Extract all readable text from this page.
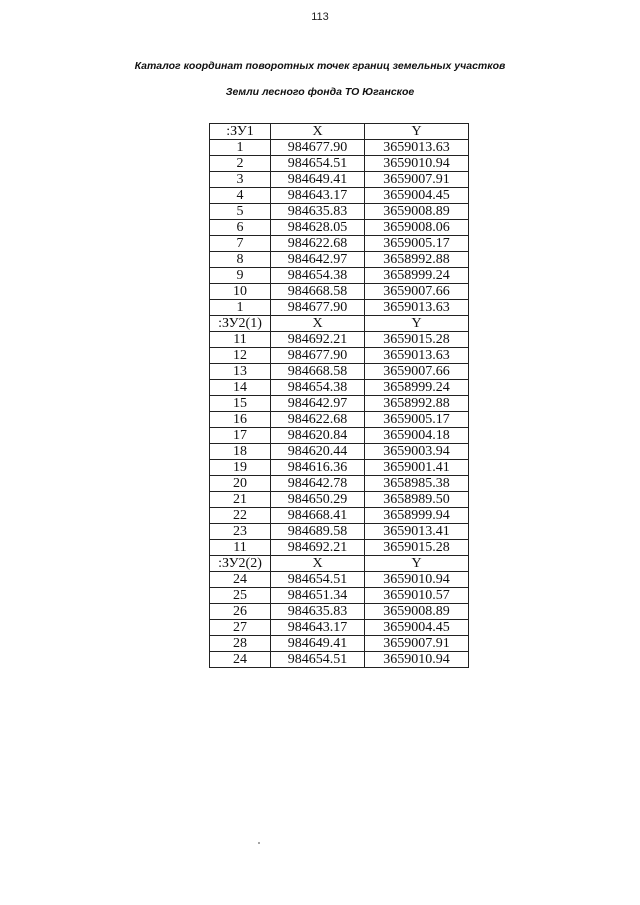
113
Каталог координат поворотных точек границ земельных участков
Земли лесного фонда ТО Юганское
:ЗУ1	X	Y
1	984677.90	3659013.63
2	984654.51	3659010.94
3	984649.41	3659007.91
4	984643.17	3659004.45
5	984635.83	3659008.89
6	984628.05	3659008.06
7	984622.68	3659005.17
8	984642.97	3658992.88
9	984654.38	3658999.24
10	984668.58	3659007.66
1	984677.90	3659013.63
:ЗУ2(1)	X	Y
11	984692.21	3659015.28
12	984677.90	3659013.63
13	984668.58	3659007.66
14	984654.38	3658999.24
15	984642.97	3658992.88
16	984622.68	3659005.17
17	984620.84	3659004.18
18	984620.44	3659003.94
19	984616.36	3659001.41
20	984642.78	3658985.38
21	984650.29	3658989.50
22	984668.41	3658999.94
23	984689.58	3659013.41
11	984692.21	3659015.28
:ЗУ2(2)	X	Y
24	984654.51	3659010.94
25	984651.34	3659010.57
26	984635.83	3659008.89
27	984643.17	3659004.45
28	984649.41	3659007.91
24	984654.51	3659010.94
